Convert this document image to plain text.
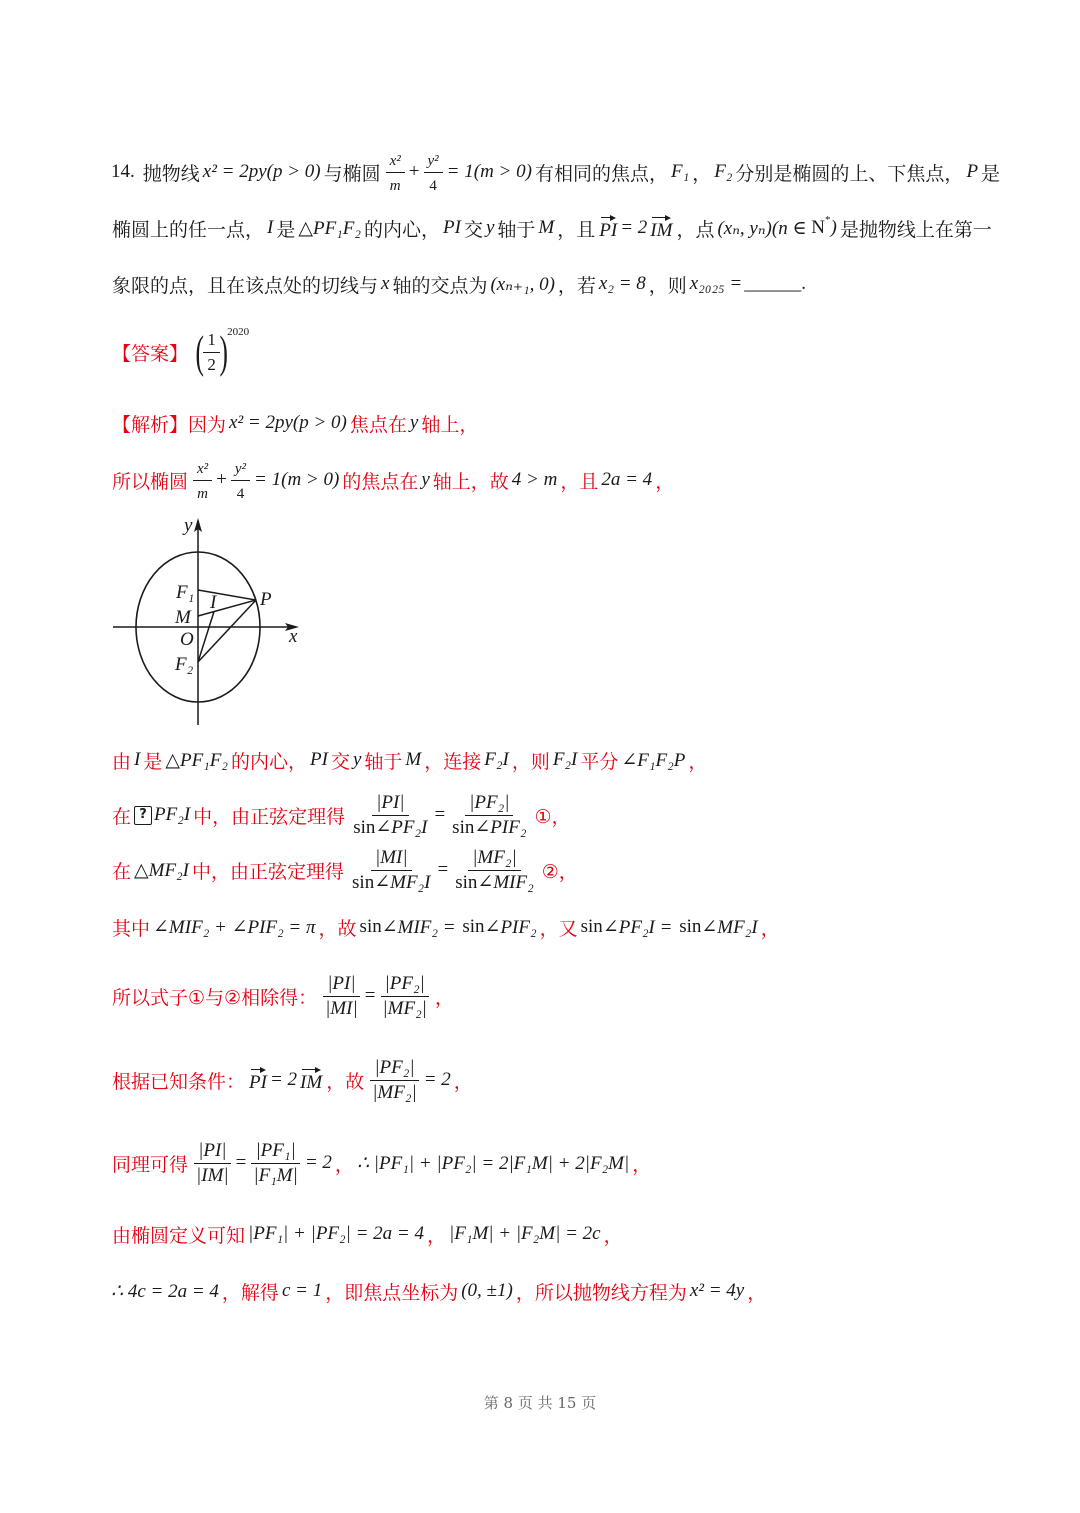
14. 抛物线 x² = 2py(p > 0) 与椭圆
x²
m
+ $\frac{\text{y²}}{4} = 1(m > 0)$ 有相同的焦点， F₁ ， F₂ 分别是椭圆的上、下焦点， P 是
椭圆上的任一点， I 是 △PF₁F₂ 的内心， PI 交 y 轴于 M ，且 PI = 2 IM ，点 (xₙ, yₙ)(n ∈ N * ) 是抛物线上在第一
象限的点，且在该点处的切线与 x 轴的交点为 (xₙ₊₁, 0) ，若 x₂ = 8 ，则 x₂₀₂₅ = ______.
【答案】 ( 1
2 ) 2020
【解析】因为 x² = 2py(p > 0) 焦点在 y 轴上，
所以椭圆
x²
m
+ $\frac{\text{y²}}{4} = 1(m > 0)$ 的焦点在 y 轴上，故 4 > m ，且 2a = 4 ，
y
x
F₁
M
O
F₂
I P
由 I 是 △PF₁F₂ 的内心， PI 交 y 轴于 M ，连接 F₂I ，则 F₂I 平分 ∠F₁F₂P ，
在 ? PF₂I 中，由正弦定理得 $\frac{|PI|}{\text{sin∠PF₂I}}$ =
|PF₂|
sin∠PIF₂ ①，
在 △MF₂I 中，由正弦定理得 $\frac{|MI|}{\text{sin∠MF₂I}}$ =
|MF₂|
sin∠MIF₂ ②，
其中 ∠MIF₂ + ∠PIF₂ = π ，故 sin ∠MIF₂ = sin ∠PIF₂ ，又 sin ∠PF₂I = sin ∠MF₂I ，
所以式子①与②相除得： $\frac{|PI|}{|MI|} = \frac{\text{|PF₂|}}{\text{|MF₂|}}$ ，
根据已知条件： PI = 2 IM ，故 $\frac{\text{|PF₂|}}{\text{|MF₂|}} = 2$ ，
同理可得 $\frac{|PI|}{|IM|} = \frac{\text{|PF₁|}}{\text{|F₁M|}} = 2$ ， ∴ |PF₁| + |PF₂| = 2|F₁M| + 2|F₂M| ，
由椭圆定义可知 |PF₁| + |PF₂| = 2a = 4 ， |F₁M| + |F₂M| = 2c ，
∴ 4c = 2a = 4 ，解得 c = 1 ，即焦点坐标为 (0, ±1) ，所以抛物线方程为 x² = 4y ，
第 8 页 共 15 页
